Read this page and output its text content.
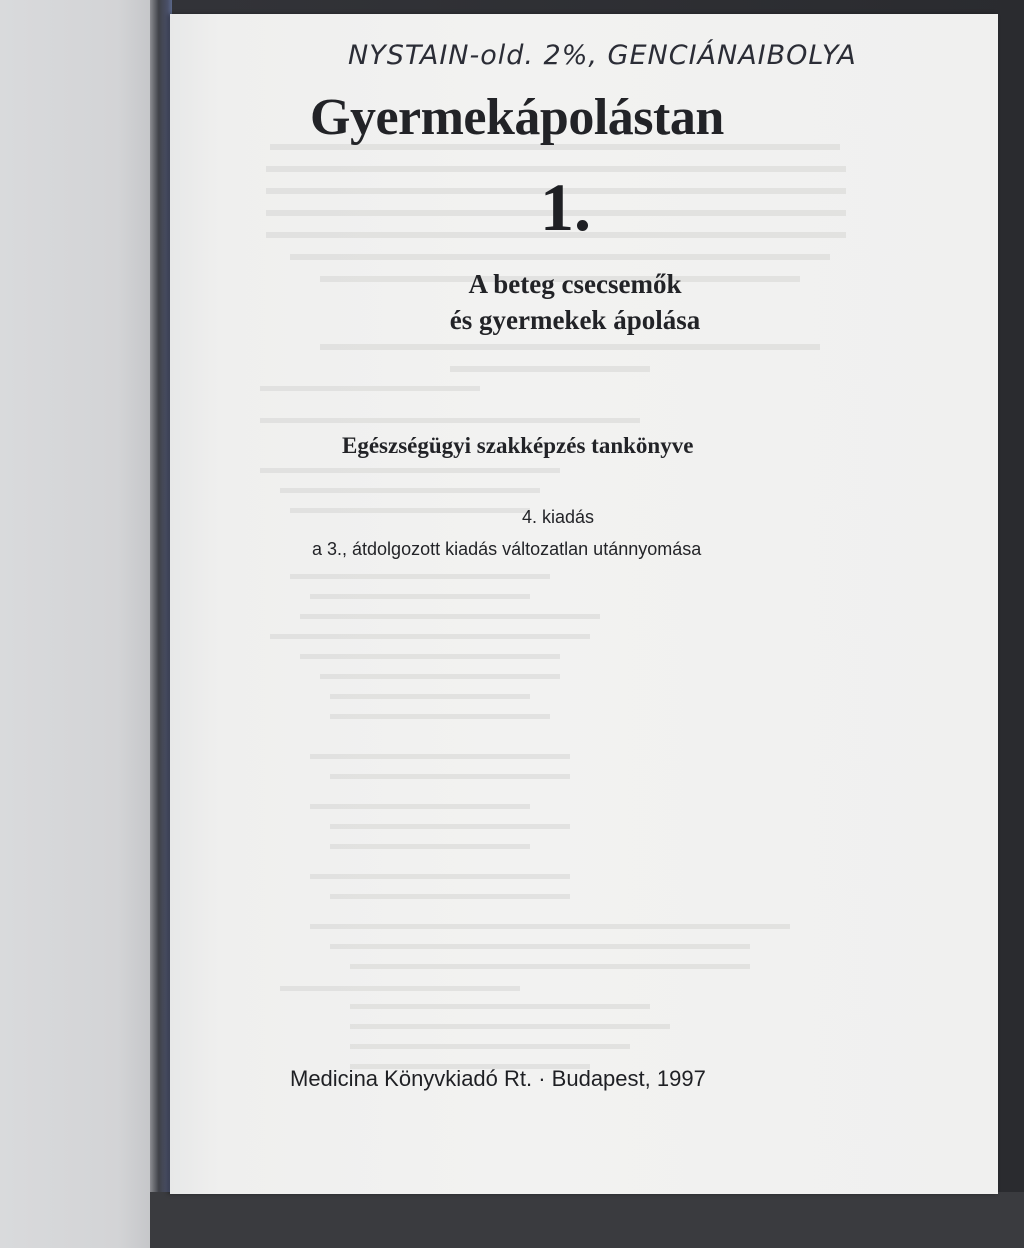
NYSTAIN-old. 2%, GENCIÁNAIBOLYA
Gyermekápolástan
1.
A beteg csecsemők
és gyermekek ápolása
Egészségügyi szakképzés tankönyve
4. kiadás
a 3., átdolgozott kiadás változatlan utánnyomása
Medicina Könyvkiadó Rt. · Budapest, 1997
